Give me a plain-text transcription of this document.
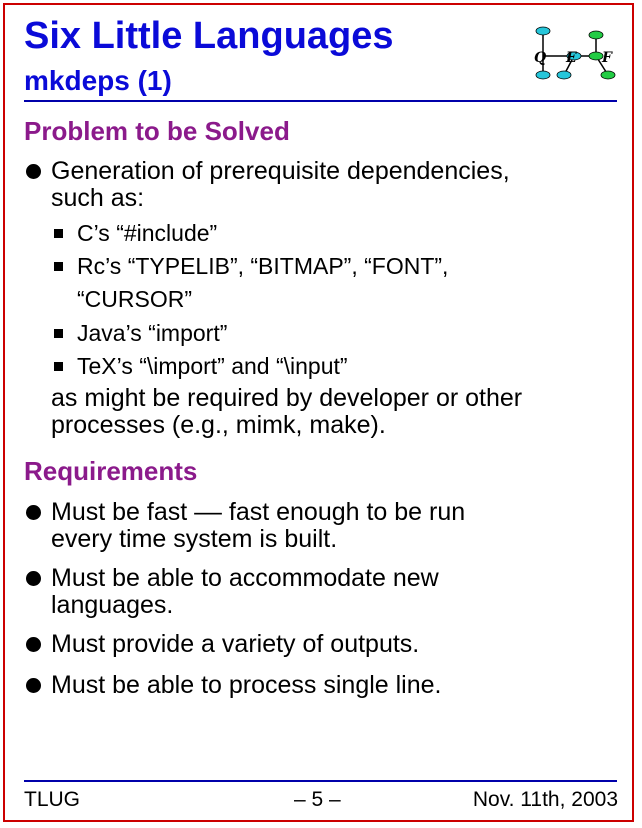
Six Little Languages
mkdeps (1)
Q E F
Problem to be Solved
Generation of prerequisite dependencies,
such as:
C’s “#include”
Rc’s “TYPELIB”, “BITMAP”, “FONT”,
“CURSOR”
Java’s “import”
TeX’s “\import” and “\input”
as might be required by developer or other
processes (e.g., mimk, make).
Requirements
Must be fast –– fast enough to be run
every time system is built.
Must be able to accommodate new
languages.
Must provide a variety of outputs.
Must be able to process single line.
TLUG	– 5 –	Nov. 11th, 2003
